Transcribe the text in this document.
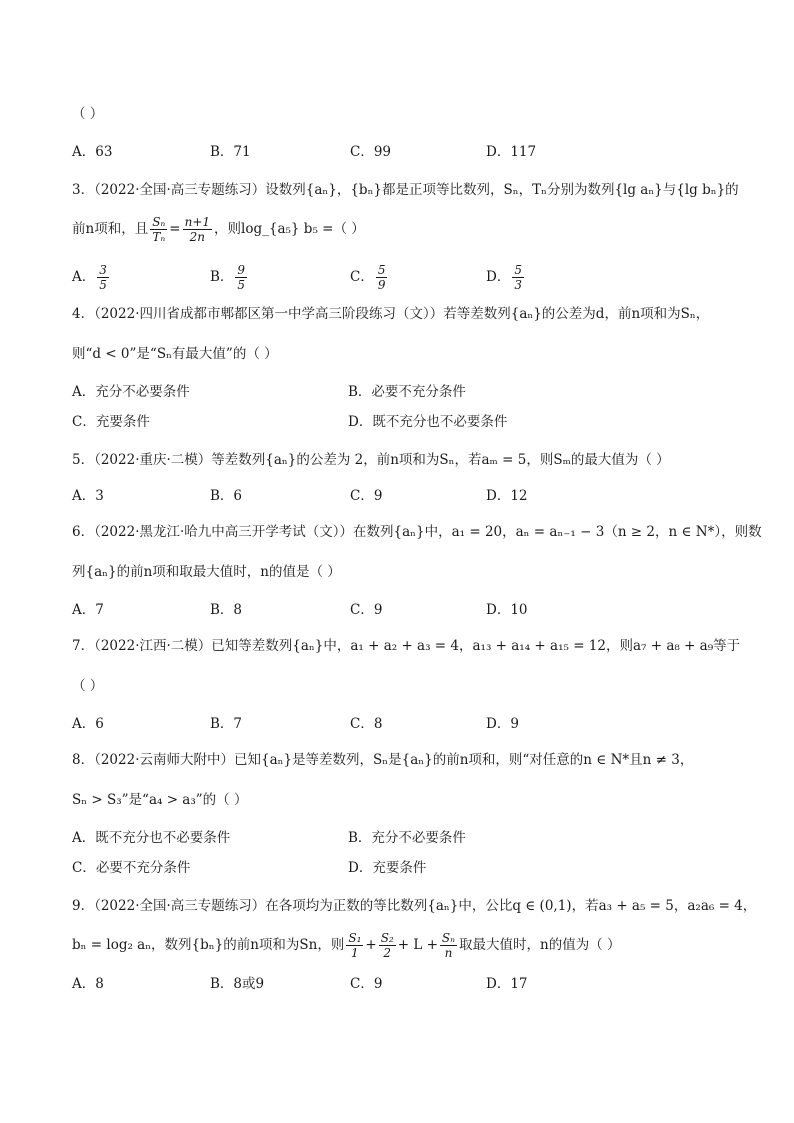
（ ）
A．63	B．71	C．99	D．117
3．（2022·全国·高三专题练习）设数列{aₙ}，{bₙ}都是正项等比数列，Sₙ，Tₙ分别为数列{lg aₙ}与{lg bₙ}的
前n项和，且 $\frac{\text{Sₙ}}{\text{Tₙ}} = \frac{n+1}{2n}$ ，则log_{a₅} b₅ =（ ）
A． $\frac{3}{5}$	B． $\frac{9}{5}$	C． $\frac{5}{9}$	D． $\frac{5}{3}$
4．（2022·四川省成都市郫都区第一中学高三阶段练习（文））若等差数列{aₙ}的公差为d，前n项和为Sₙ，
则“d < 0”是“Sₙ有最大值”的（ ）
A．充分不必要条件	B．必要不充分条件
C．充要条件	D．既不充分也不必要条件
5．（2022·重庆·二模）等差数列{aₙ}的公差为 2，前n项和为Sₙ，若aₘ = 5，则Sₘ的最大值为（ ）
A．3	B．6	C．9	D．12
6．（2022·黑龙江·哈九中高三开学考试（文））在数列{aₙ}中，a₁ = 20，aₙ = aₙ₋₁ − 3（n ≥ 2，n ∈ N*），则数
列{aₙ}的前n项和取最大值时，n的值是（ ）
A．7	B．8	C．9	D．10
7．（2022·江西·二模）已知等差数列{aₙ}中，a₁ + a₂ + a₃ = 4，a₁₃ + a₁₄ + a₁₅ = 12，则a₇ + a₈ + a₉等于
（ ）
A．6	B．7	C．8	D．9
8．（2022·云南师大附中）已知{aₙ}是等差数列，Sₙ是{aₙ}的前n项和，则“对任意的n ∈ N*且n ≠ 3，
Sₙ > S₃”是“a₄ > a₃”的（ ）
A．既不充分也不必要条件	B．充分不必要条件
C．必要不充分条件	D．充要条件
9．（2022·全国·高三专题练习）在各项均为正数的等比数列{aₙ}中，公比q ∈ (0,1)，若a₃ + a₅ = 5，a₂a₆ = 4，
bₙ = log₂ aₙ，数列{bₙ}的前n项和为Sn，则 $\frac{\text{S₁}}{1} + \frac{\text{S₂}}{2} + L + \frac{\text{Sₙ}}{n}$ 取最大值时，n的值为（ ）
A．8	B．8或9	C．9	D．17
